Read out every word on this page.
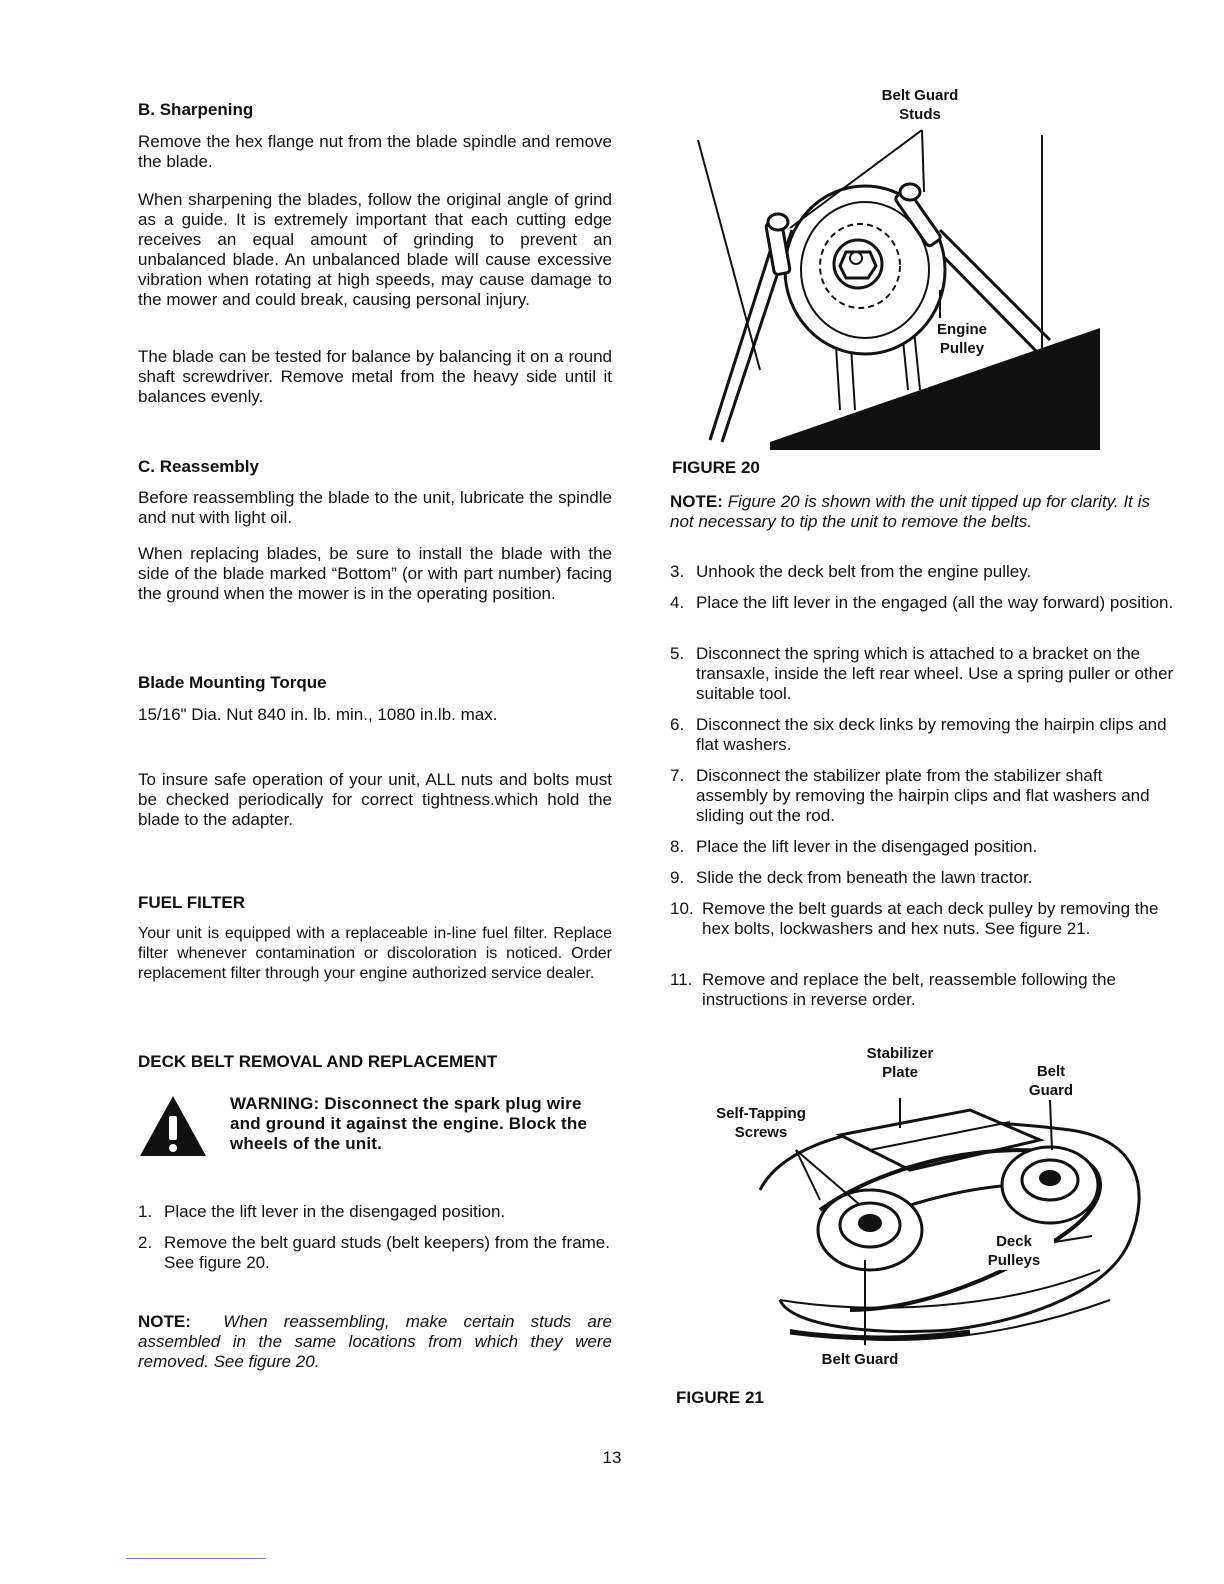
B. Sharpening

Remove the hex flange nut from the blade spindle and remove the blade.

When sharpening the blades, follow the original angle of grind as a guide. It is extremely important that each cutting edge receives an equal amount of grinding to prevent an unbalanced blade. An unbalanced blade will cause excessive vibration when rotating at high speeds, may cause damage to the mower and could break, causing personal injury.

The blade can be tested for balance by balancing it on a round shaft screwdriver. Remove metal from the heavy side until it balances evenly.

C. Reassembly

Before reassembling the blade to the unit, lubricate the spindle and nut with light oil.

When replacing blades, be sure to install the blade with the side of the blade marked “Bottom” (or with part number) facing the ground when the mower is in the operating position.

Blade Mounting Torque

15/16" Dia. Nut 840 in. lb. min., 1080 in.lb. max.

To insure safe operation of your unit, ALL nuts and bolts must be checked periodically for correct tightness.which hold the blade to the adapter.

FUEL FILTER

Your unit is equipped with a replaceable in-line fuel filter. Replace filter whenever contamination or discoloration is noticed. Order replacement filter through your engine authorized service dealer.

DECK BELT REMOVAL AND REPLACEMENT
WARNING: Disconnect the spark plug wire and ground it against the engine. Block the wheels of the unit.
1. Place the lift lever in the disengaged position.
2. Remove the belt guard studs (belt keepers) from the frame. See figure 20.

NOTE: When reassembling, make certain studs are assembled in the same locations from which they were removed. See figure 20.

Belt Guard
Studs
Engine
Pulley
FIGURE 20

NOTE: Figure 20 is shown with the unit tipped up for clarity. It is not necessary to tip the unit to remove the belts.

3. Unhook the deck belt from the engine pulley.
4. Place the lift lever in the engaged (all the way forward) position.
5. Disconnect the spring which is attached to a bracket on the transaxle, inside the left rear wheel. Use a spring puller or other suitable tool.
6. Disconnect the six deck links by removing the hairpin clips and flat washers.
7. Disconnect the stabilizer plate from the stabilizer shaft assembly by removing the hairpin clips and flat washers and sliding out the rod.
8. Place the lift lever in the disengaged position.
9. Slide the deck from beneath the lawn tractor.
10. Remove the belt guards at each deck pulley by removing the hex bolts, lockwashers and hex nuts. See figure 21.
11. Remove and replace the belt, reassemble following the instructions in reverse order.
Stabilizer
Plate	Belt
Guard
Self-Tapping
Screws
Deck
Pulleys
Belt Guard
FIGURE 21
13
